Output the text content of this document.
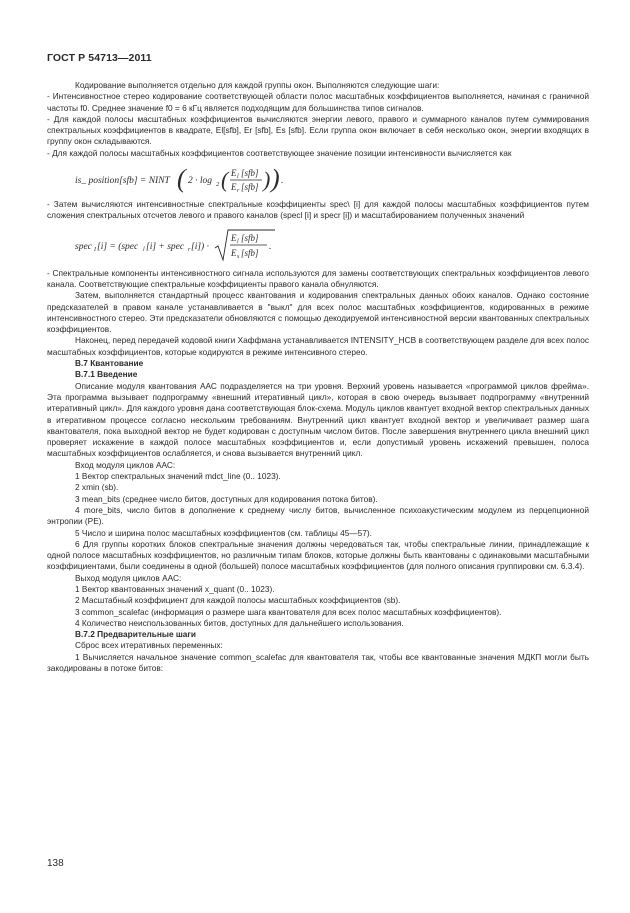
ГОСТ Р 54713—2011

Кодирование выполняется отдельно для каждой группы окон. Выполняются следующие шаги:

- Интенсивностное стерео кодирование соответствующей области полос масштабных коэффициентов выполняется, начиная с граничной частоты f0. Среднее значение f0 = 6 кГц является подходящим для большинства типов сигналов.

- Для каждой полосы масштабных коэффициентов вычисляются энергии левого, правого и суммарного каналов путем суммирования спектральных коэффициентов в квадрате, El[sfb], Er [sfb], Es [sfb]. Если группа окон включает в себя несколько окон, энергии входящих в группу окон складываются.

- Для каждой полосы масштабных коэффициентов соответствующее значение позиции интенсивности вычисляется как

is_ position[sfb] = NINT ( 2 · log 2 ( E l [sfb]
E r [sfb] ) ) .

- Затем вычисляются интенсивностные спектральные коэффициенты spec\ [i] для каждой полосы масштабных коэффициентов путем сложения спектральных отсчетов левого и правого каналов (specl [i] и specr [i]) и масштабированием полученных значений

spec I [i] = (spec l [i] + spec r [i]) ·
E l [sfb]
E s [sfb]
.

- Спектральные компоненты интенсивностного сигнала используются для замены соответствующих спектральных коэффициентов левого канала. Соответствующие спектральные коэффициенты правого канала обнуляются.

Затем, выполняется стандартный процесс квантования и кодирования спектральных данных обоих каналов. Однако состояние предсказателей в правом канале устанавливается в "выкл" для всех полос масштабных коэффициентов, кодированных в режиме интенсивностного стерео. Эти предсказатели обновляются с помощью декодируемой интенсивностной версии квантованных спектральных коэффициентов.

Наконец, перед передачей кодовой книги Хаффмана устанавливается INTENSITY_HCB в соответствующем разделе для всех полос масштабных коэффициентов, которые кодируются в режиме интенсивного стерео.

В.7 Квантование

В.7.1 Введение

Описание модуля квантования ААС подразделяется на три уровня. Верхний уровень называется «программой циклов фрейма». Эта программа вызывает подпрограмму «внешний итеративный цикл», которая в свою очередь вызывает подпрограмму «внутренний итеративный цикл». Для каждого уровня дана соответствующая блок-схема. Модуль циклов квантует входной вектор спектральных данных в итеративном процессе согласно нескольким требованиям. Внутренний цикл квантует входной вектор и увеличивает размер шага квантователя, пока выходной вектор не будет кодирован с доступным числом битов. После завершения внутреннего цикла внешний цикл проверяет искажение в каждой полосе масштабных коэффициентов и, если допустимый уровень искажений превышен, полоса масштабных коэффициентов ослабляется, и снова вызывается внутренний цикл.

Вход модуля циклов ААС:

1 Вектор спектральных значений mdct_line (0.. 1023).

2 xmin (sb).

3 mean_bits (среднее число битов, доступных для кодирования потока битов).

4 more_bits, число битов в дополнение к среднему числу битов, вычисленное психоакустическим модулем из перцепционной энтропии (PE).

5 Число и ширина полос масштабных коэффициентов (см. таблицы 45—57).

6 Для группы коротких блоков спектральные значения должны чередоваться так, чтобы спектральные линии, принадлежащие к одной полосе масштабных коэффициентов, но различным типам блоков, которые должны быть квантованы с одинаковыми масштабными коэффициентами, были соединены в одной (большей) полосе масштабных коэффициентов (для полного описания группировки см. 6.3.4).

Выход модуля циклов ААС:

1 Вектор квантованных значений x_quant (0.. 1023).

2 Масштабный коэффициент для каждой полосы масштабных коэффициентов (sb).

3 common_scalefac (информация о размере шага квантователя для всех полос масштабных коэффициентов).

4 Количество неиспользованных битов, доступных для дальнейшего использования.

В.7.2 Предварительные шаги

Сброс всех итеративных переменных:

1 Вычисляется начальное значение common_scalefac для квантователя так, чтобы все квантованные значения МДКП могли быть закодированы в потоке битов:

138
